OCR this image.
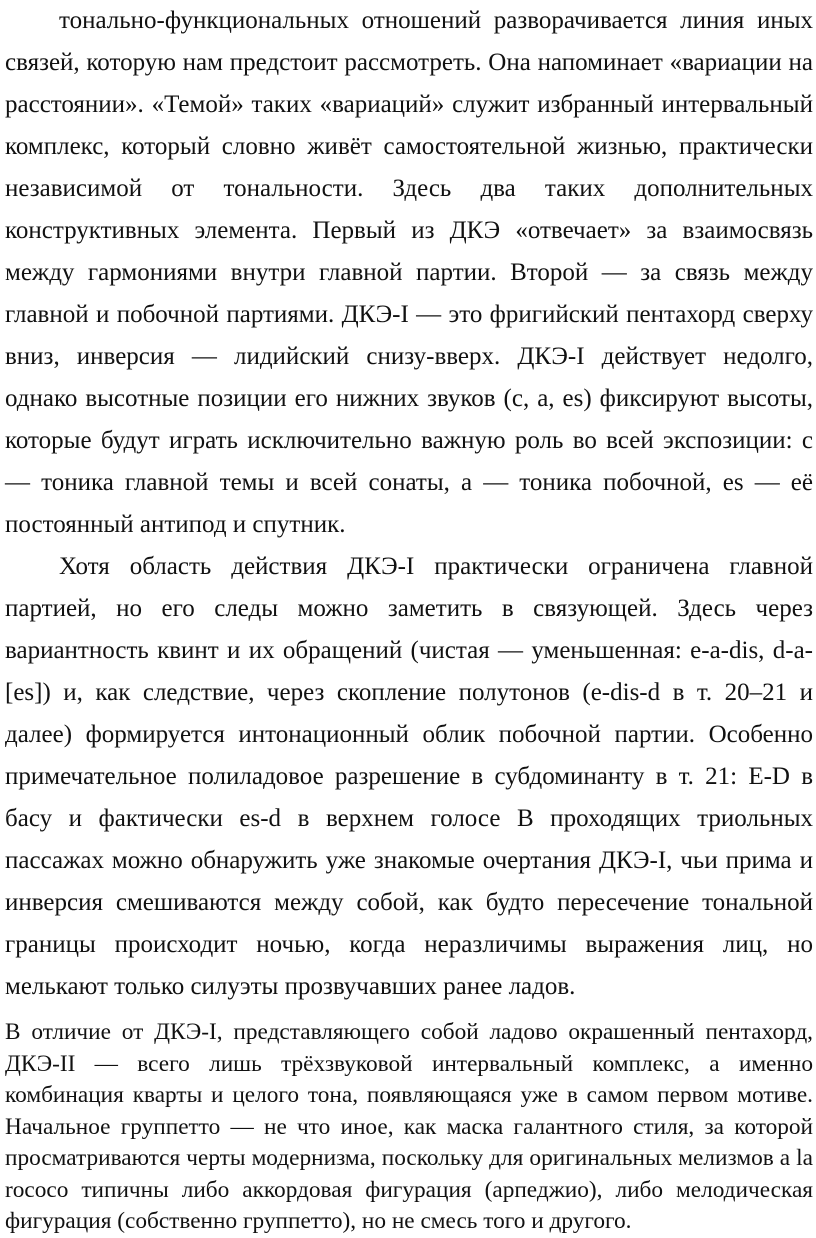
тонально-функциональных отношений разворачивается линия иных связей, которую нам предстоит рассмотреть. Она напоминает «вариации на расстоянии». «Темой» таких «вариаций» служит избранный интервальный комплекс, который словно живёт самостоятельной жизнью, практически независимой от тональности. Здесь два таких дополнительных конструктивных элемента. Первый из ДКЭ «отвечает» за взаимосвязь между гармониями внутри главной партии. Второй — за связь между главной и побочной партиями. ДКЭ-I — это фригийский пентахорд сверху вниз, инверсия — лидийский снизу-вверх. ДКЭ-I действует недолго, однако высотные позиции его нижних звуков (c, a, es) фиксируют высоты, которые будут играть исключительно важную роль во всей экспозиции: c — тоника главной темы и всей сонаты, a — тоника побочной, es — её постоянный антипод и спутник.

Хотя область действия ДКЭ-I практически ограничена главной партией, но его следы можно заметить в связующей. Здесь через вариантность квинт и их обращений (чистая — уменьшенная: e-a-dis, d-a-[es]) и, как следствие, через скопление полутонов (e-dis-d в т. 20–21 и далее) формируется интонационный облик побочной партии. Особенно примечательное полиладовое разрешение в субдоминанту в т. 21: E-D в басу и фактически es-d в верхнем голосе В проходящих триольных пассажах можно обнаружить уже знакомые очертания ДКЭ-I, чьи прима и инверсия смешиваются между собой, как будто пересечение тональной границы происходит ночью, когда неразличимы выражения лиц, но мелькают только силуэты прозвучавших ранее ладов.

В отличие от ДКЭ-I, представляющего собой ладово окрашенный пентахорд, ДКЭ-II — всего лишь трёхзвуковой интервальный комплекс, а именно комбинация кварты и целого тона, появляющаяся уже в самом первом мотиве. Начальное группетто — не что иное, как маска галантного стиля, за которой просматриваются черты модернизма, поскольку для оригинальных мелизмов а la rococo типичны либо аккордовая фигурация (арпеджио), либо мелодическая фигурация (собственно группетто), но не смесь того и другого.
